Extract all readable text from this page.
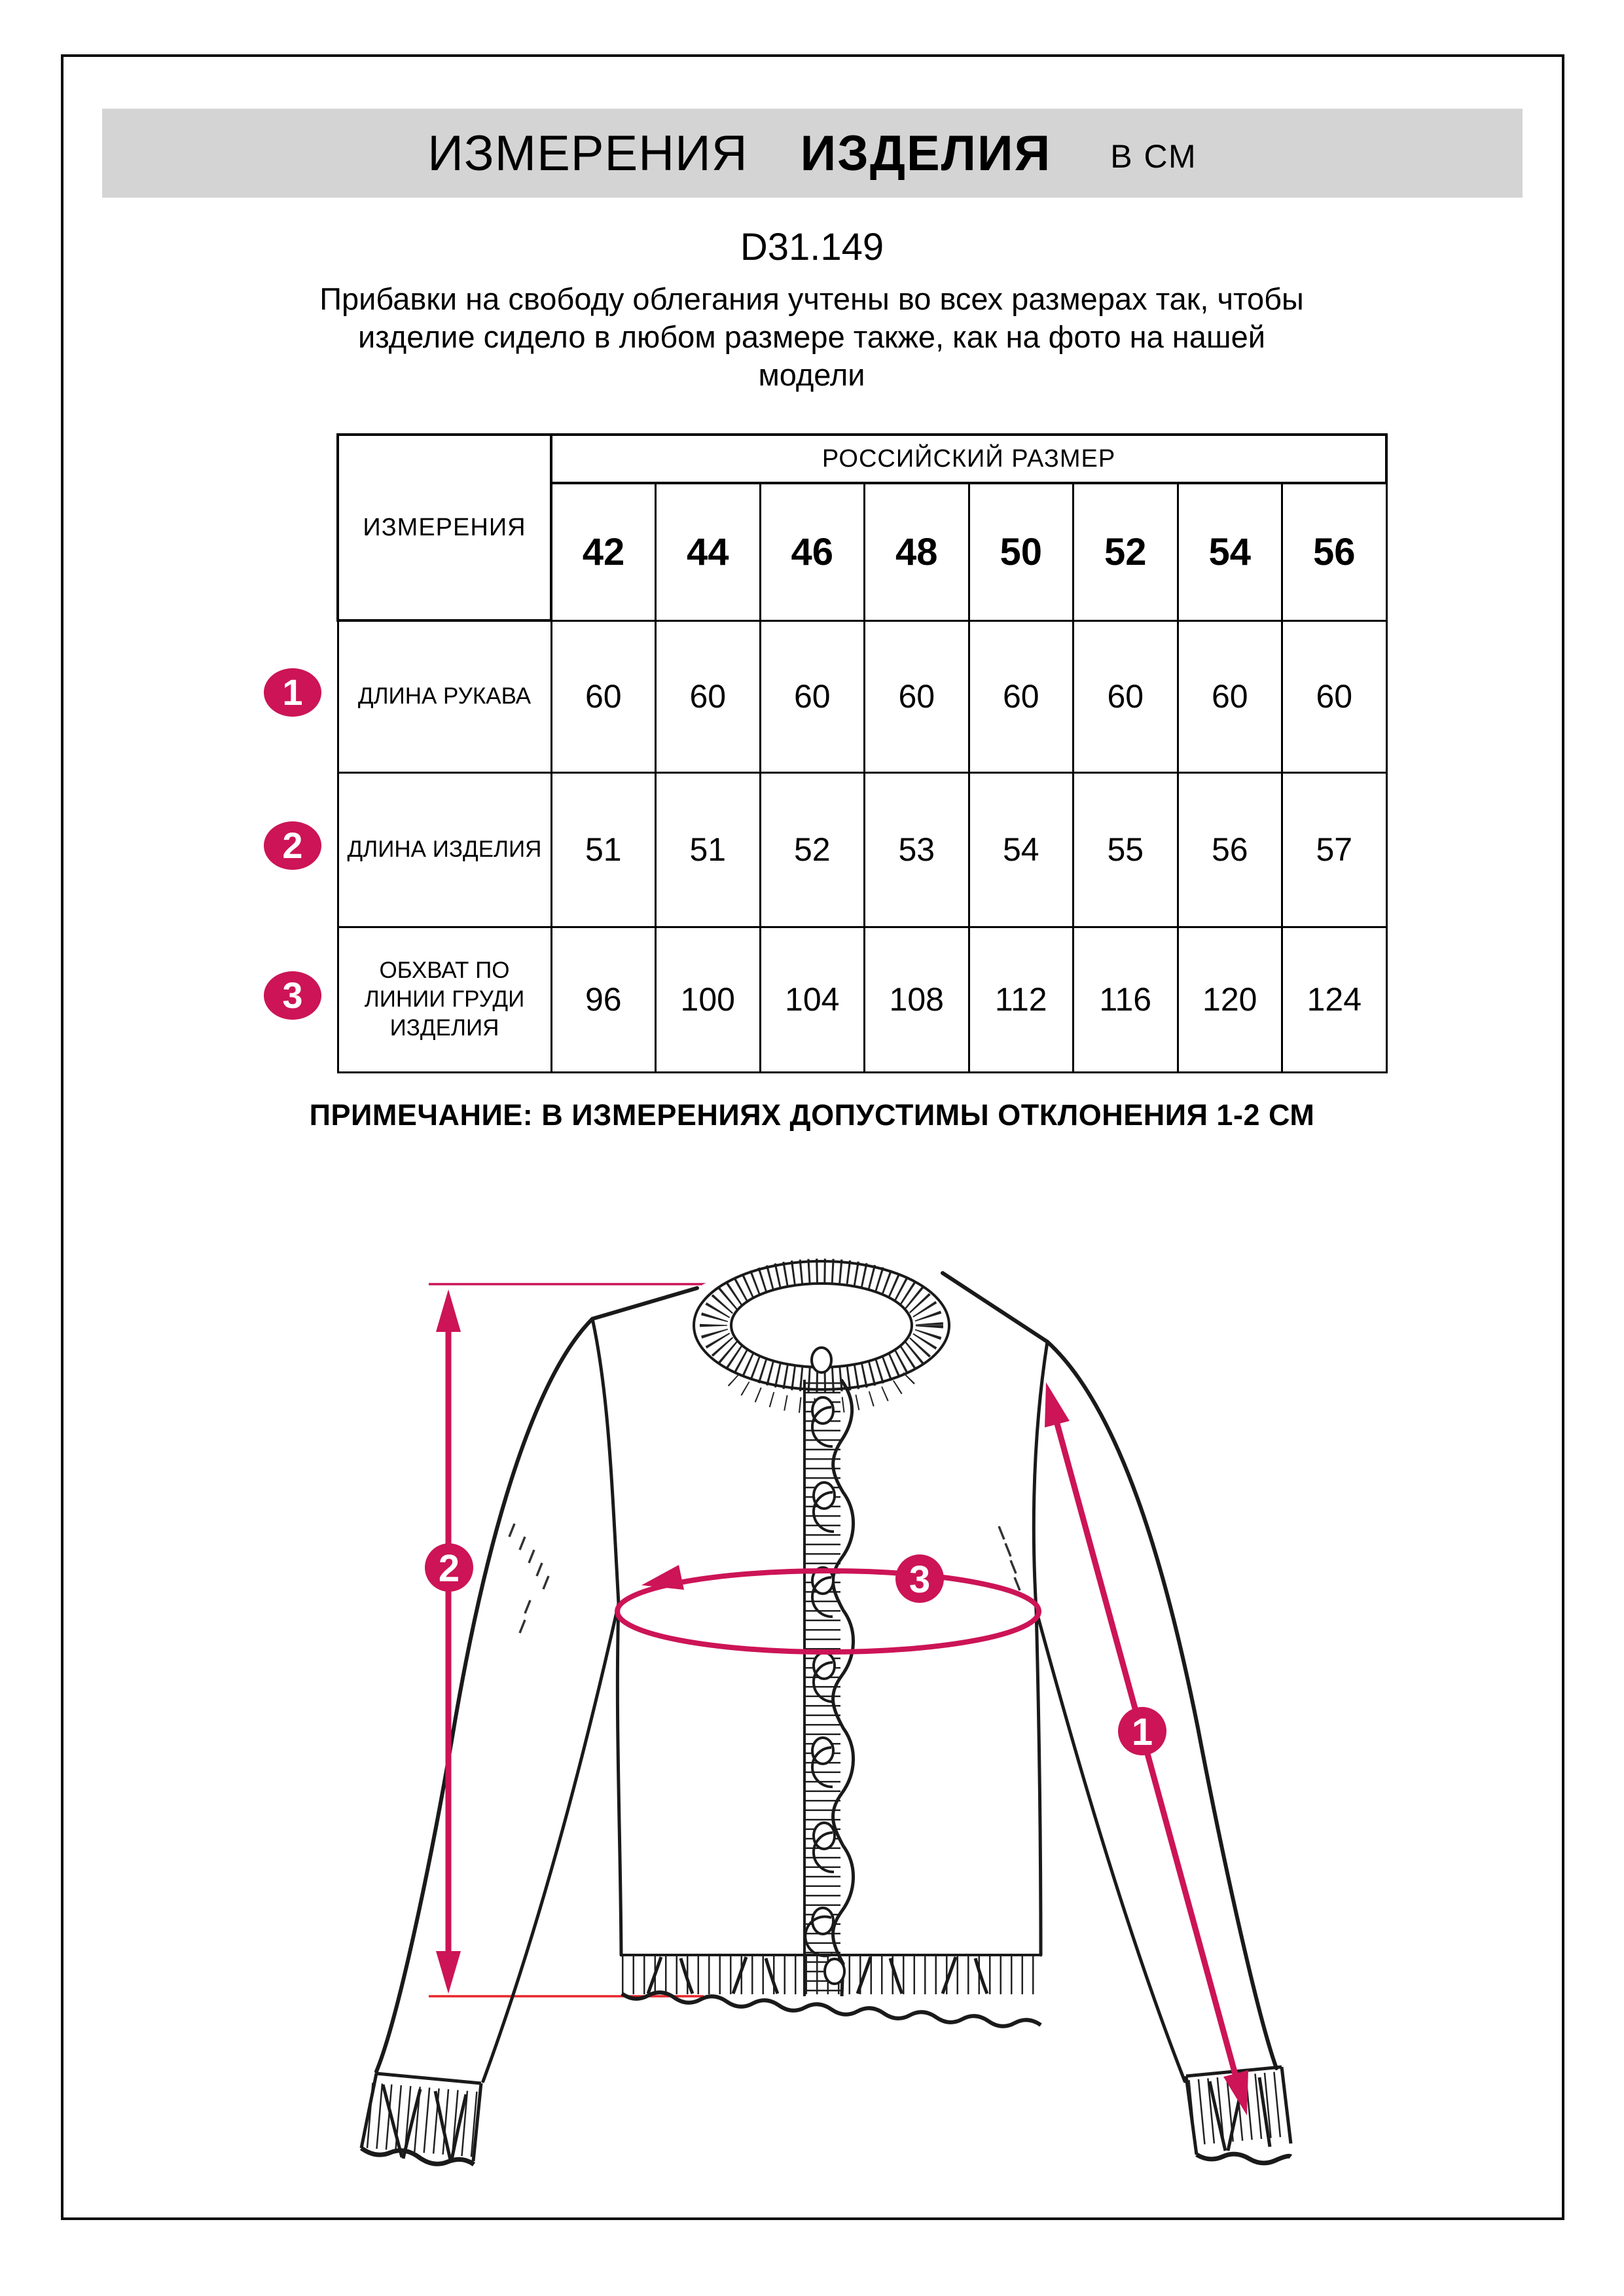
ИЗМЕРЕНИЯ ИЗДЕЛИЯ В СМ
D31.149
Прибавки на свободу облегания учтены во всех размерах так, чтобы изделие сидело в любом размере также, как на фото на нашей модели
ИЗМЕРЕНИЯ	РОССИЙСКИЙ РАЗМЕР							
	42	44	46	48	50	52	54	56
ДЛИНА РУКАВА	60	60	60	60	60	60	60	60
ДЛИНА ИЗДЕЛИЯ	51	51	52	53	54	55	56	57
ОБХВАТ ПО ЛИНИИ ГРУДИ ИЗДЕЛИЯ	96	100	104	108	112	116	120	124
1
2
3
ПРИМЕЧАНИЕ: В ИЗМЕРЕНИЯХ ДОПУСТИМЫ ОТКЛОНЕНИЯ 1-2 СМ
2	3
1
